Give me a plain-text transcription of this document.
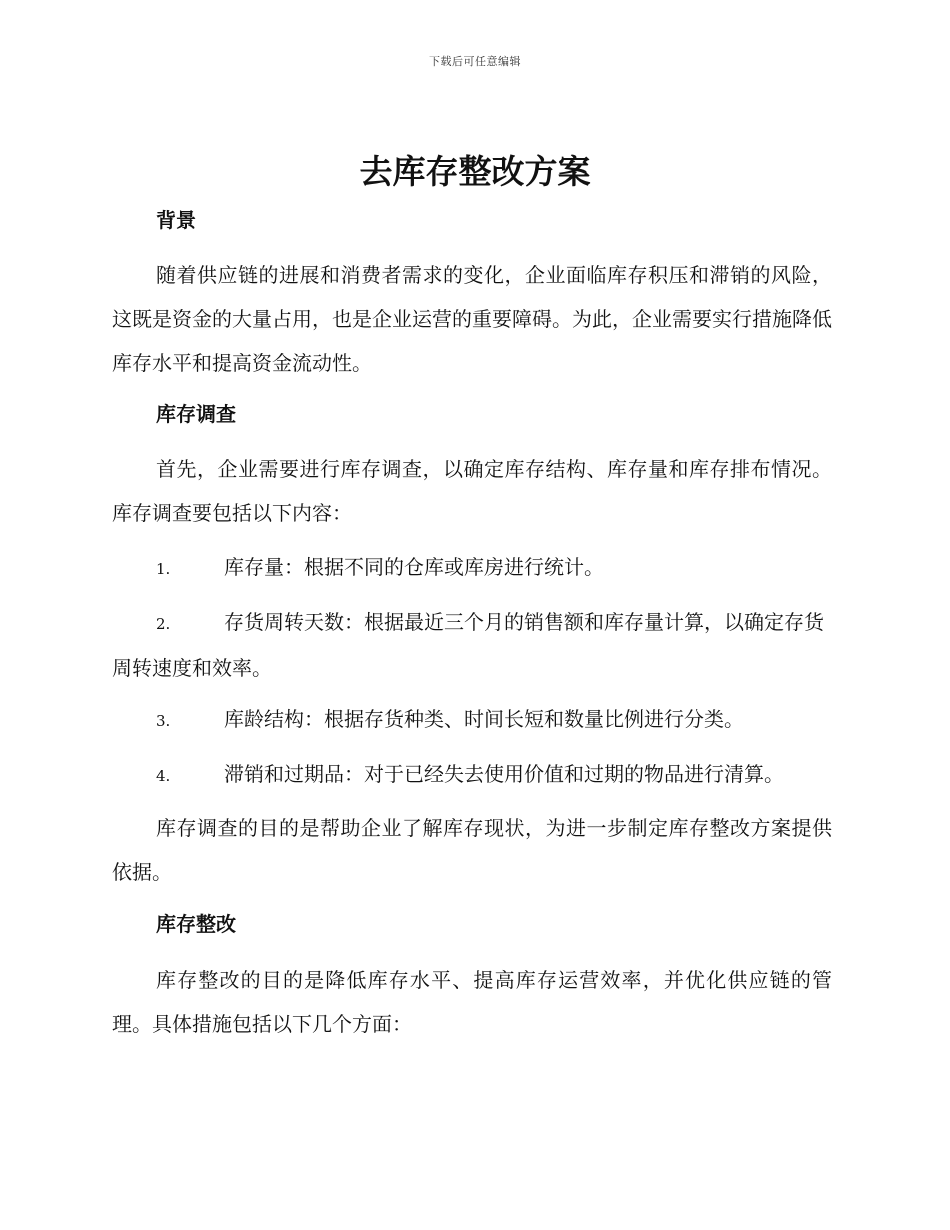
下载后可任意编辑
去库存整改方案
背景

随着供应链的进展和消费者需求的变化，企业面临库存积压和滞销的风险，这既是资金的大量占用，也是企业运营的重要障碍。为此，企业需要实行措施降低库存水平和提高资金流动性。

库存调查

首先，企业需要进行库存调查，以确定库存结构、库存量和库存排布情况。库存调查要包括以下内容：

1.	库存量：根据不同的仓库或库房进行统计。
2.	存货周转天数：根据最近三个月的销售额和库存量计算，以确定存货周转速度和效率。
3.	库龄结构：根据存货种类、时间长短和数量比例进行分类。
4.	滞销和过期品：对于已经失去使用价值和过期的物品进行清算。

库存调查的目的是帮助企业了解库存现状，为进一步制定库存整改方案提供依据。

库存整改

库存整改的目的是降低库存水平、提高库存运营效率，并优化供应链的管理。具体措施包括以下几个方面：
